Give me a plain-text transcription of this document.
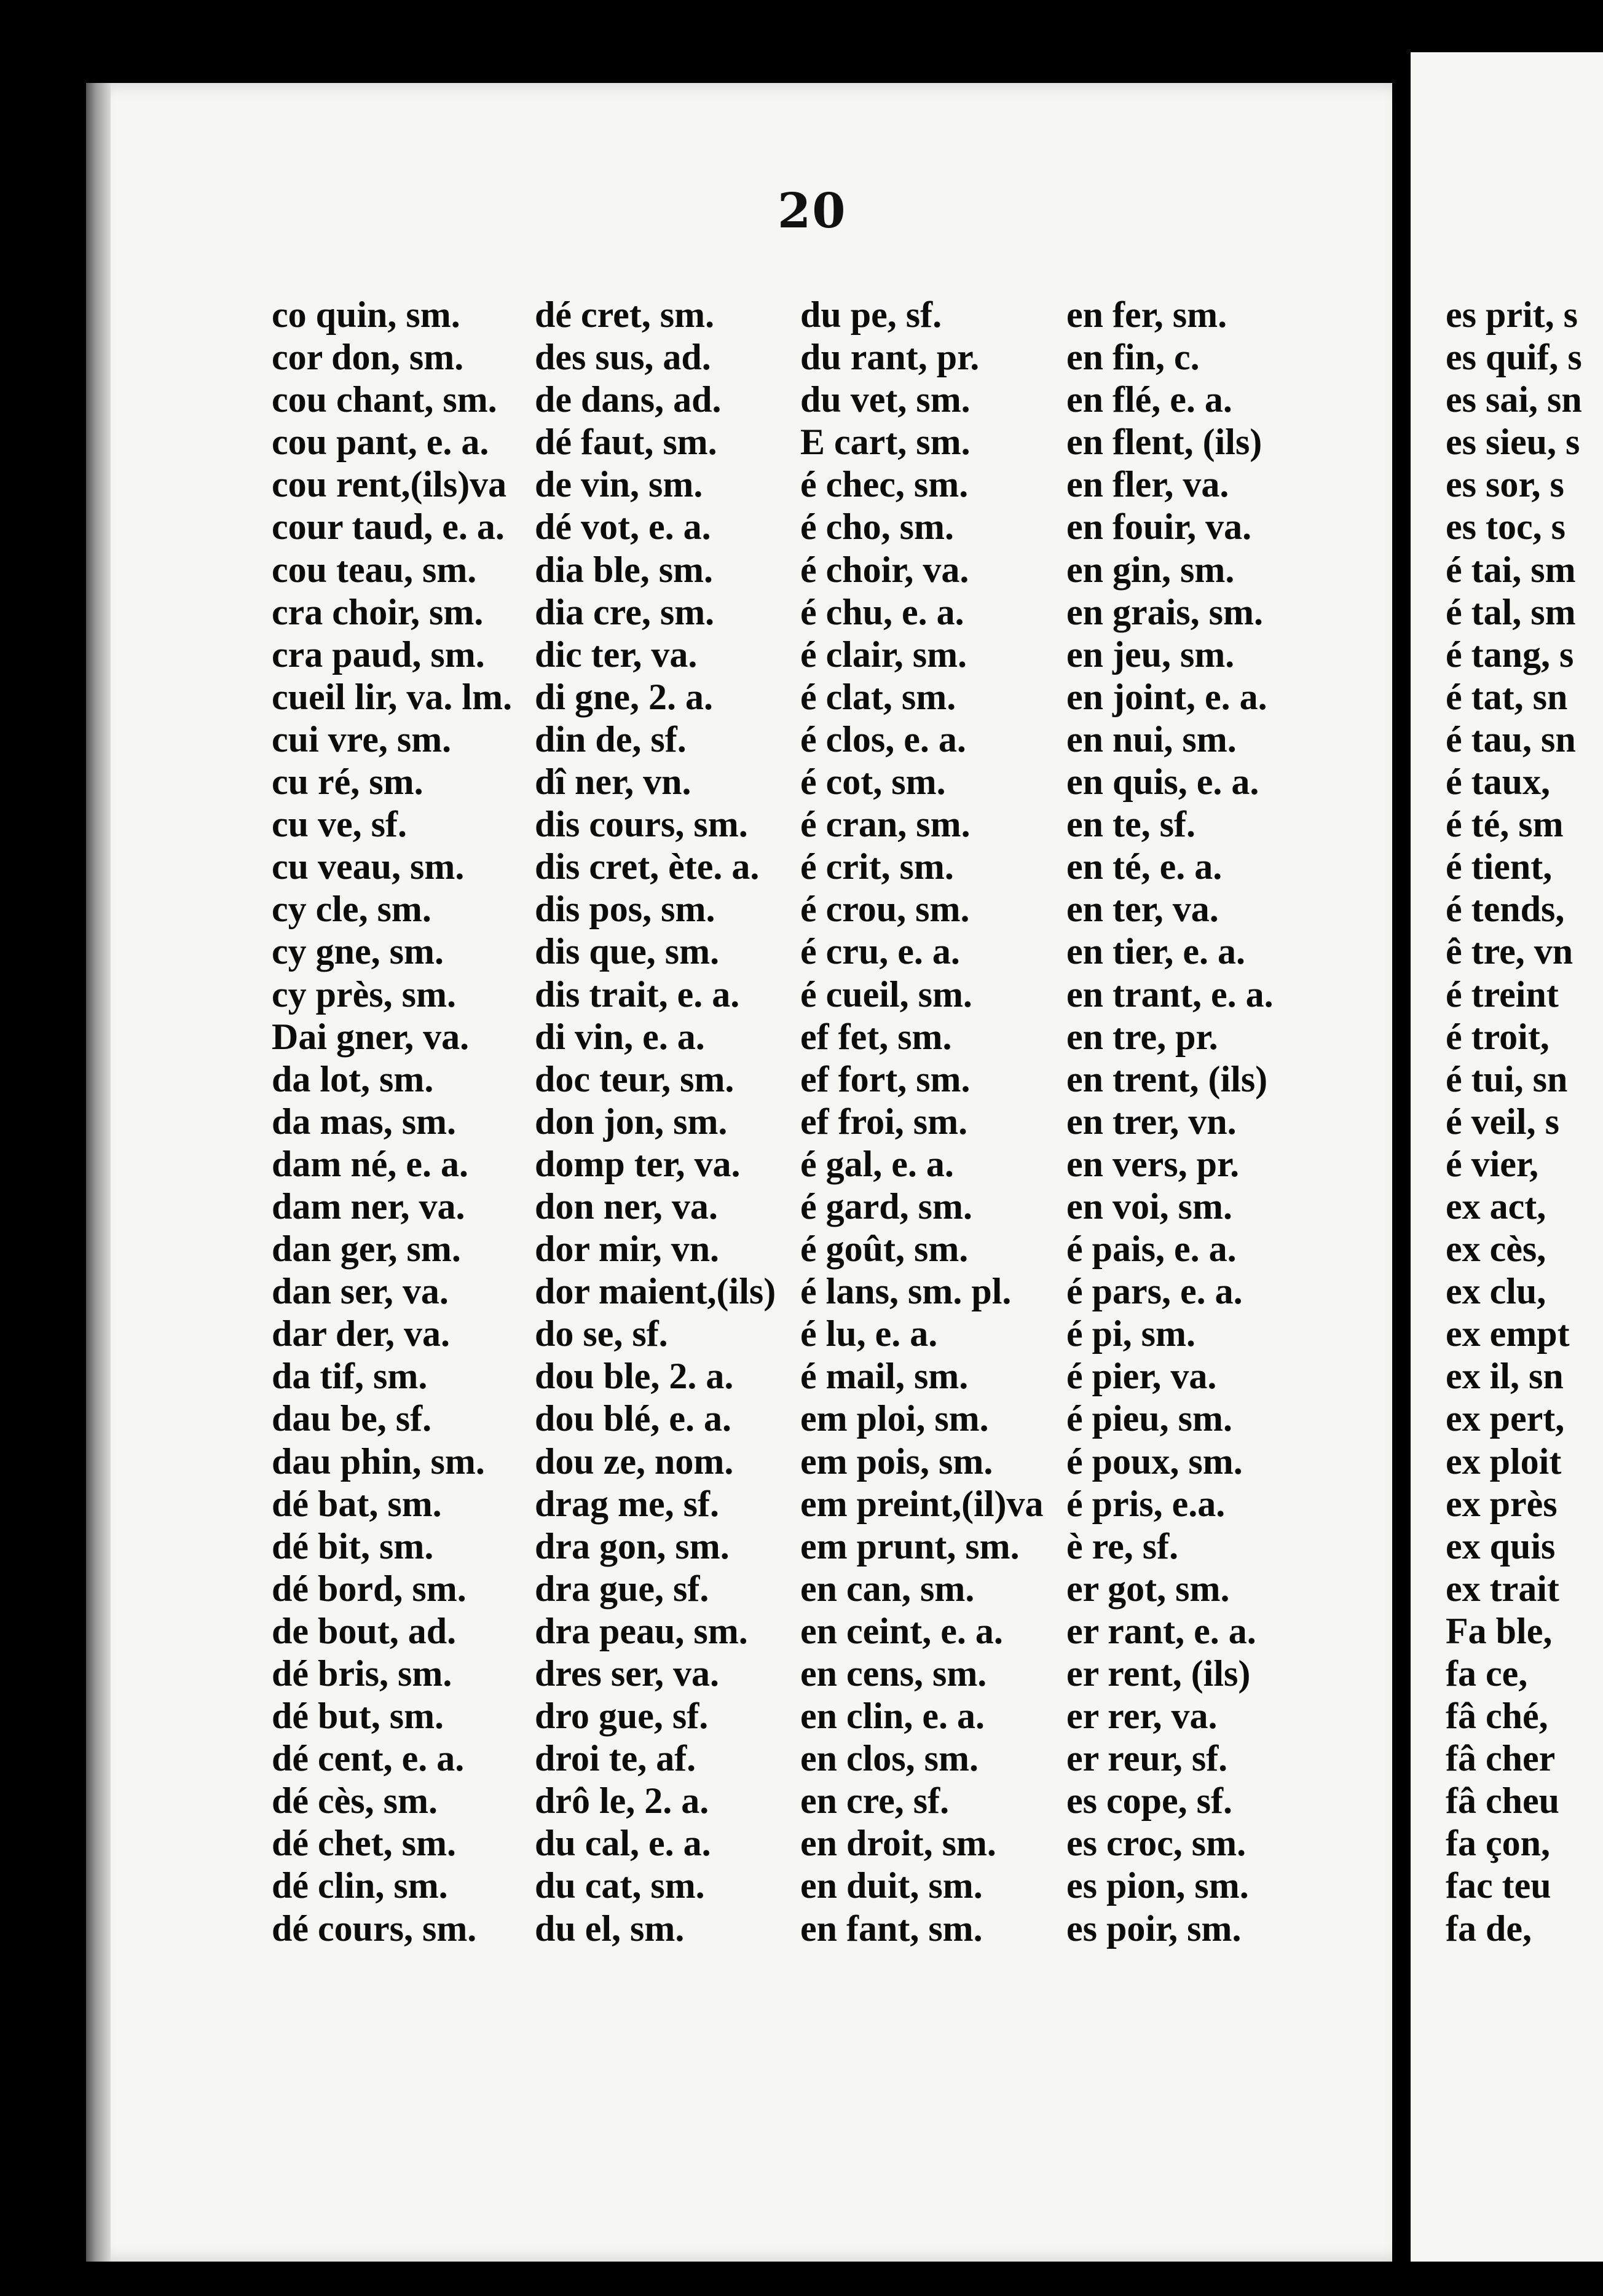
20
co quin, sm.
cor don, sm.
cou chant, sm.
cou pant, e. a.
cou rent,(ils)va
cour taud, e. a.
cou teau, sm.
cra choir, sm.
cra paud, sm.
cueil lir, va. lm.
cui vre, sm.
cu ré, sm.
cu ve, sf.
cu veau, sm.
cy cle, sm.
cy gne, sm.
cy près, sm.
Dai gner, va.
da lot, sm.
da mas, sm.
dam né, e. a.
dam ner, va.
dan ger, sm.
dan ser, va.
dar der, va.
da tif, sm.
dau be, sf.
dau phin, sm.
dé bat, sm.
dé bit, sm.
dé bord, sm.
de bout, ad.
dé bris, sm.
dé but, sm.
dé cent, e. a.
dé cès, sm.
dé chet, sm.
dé clin, sm.
dé cours, sm.
dé cret, sm.
des sus, ad.
de dans, ad.
dé faut, sm.
de vin, sm.
dé vot, e. a.
dia ble, sm.
dia cre, sm.
dic ter, va.
di gne, 2. a.
din de, sf.
dî ner, vn.
dis cours, sm.
dis cret, ète. a.
dis pos, sm.
dis que, sm.
dis trait, e. a.
di vin, e. a.
doc teur, sm.
don jon, sm.
domp ter, va.
don ner, va.
dor mir, vn.
dor maient,(ils)
do se, sf.
dou ble, 2. a.
dou blé, e. a.
dou ze, nom.
drag me, sf.
dra gon, sm.
dra gue, sf.
dra peau, sm.
dres ser, va.
dro gue, sf.
droi te, af.
drô le, 2. a.
du cal, e. a.
du cat, sm.
du el, sm.
du pe, sf.
du rant, pr.
du vet, sm.
E cart, sm.
é chec, sm.
é cho, sm.
é choir, va.
é chu, e. a.
é clair, sm.
é clat, sm.
é clos, e. a.
é cot, sm.
é cran, sm.
é crit, sm.
é crou, sm.
é cru, e. a.
é cueil, sm.
ef fet, sm.
ef fort, sm.
ef froi, sm.
é gal, e. a.
é gard, sm.
é goût, sm.
é lans, sm. pl.
é lu, e. a.
é mail, sm.
em ploi, sm.
em pois, sm.
em preint,(il)va
em prunt, sm.
en can, sm.
en ceint, e. a.
en cens, sm.
en clin, e. a.
en clos, sm.
en cre, sf.
en droit, sm.
en duit, sm.
en fant, sm.
en fer, sm.
en fin, c.
en flé, e. a.
en flent, (ils)
en fler, va.
en fouir, va.
en gin, sm.
en grais, sm.
en jeu, sm.
en joint, e. a.
en nui, sm.
en quis, e. a.
en te, sf.
en té, e. a.
en ter, va.
en tier, e. a.
en trant, e. a.
en tre, pr.
en trent, (ils)
en trer, vn.
en vers, pr.
en voi, sm.
é pais, e. a.
é pars, e. a.
é pi, sm.
é pier, va.
é pieu, sm.
é poux, sm.
é pris, e.a.
è re, sf.
er got, sm.
er rant, e. a.
er rent, (ils)
er rer, va.
er reur, sf.
es cope, sf.
es croc, sm.
es pion, sm.
es poir, sm.
es prit, s
es quif, s
es sai, sn
es sieu, s
es sor, s
es toc, s
é tai, sm
é tal, sm
é tang, s
é tat, sn
é tau, sn
é taux,
é té, sm
é tient,
é tends,
ê tre, vn
é treint
é troit,
é tui, sn
é veil, s
é vier,
ex act,
ex cès,
ex clu,
ex empt
ex il, sn
ex pert,
ex ploit
ex près
ex quis
ex trait
Fa ble,
fa ce,
fâ ché,
fâ cher
fâ cheu
fa çon,
fac teu
fa de,
